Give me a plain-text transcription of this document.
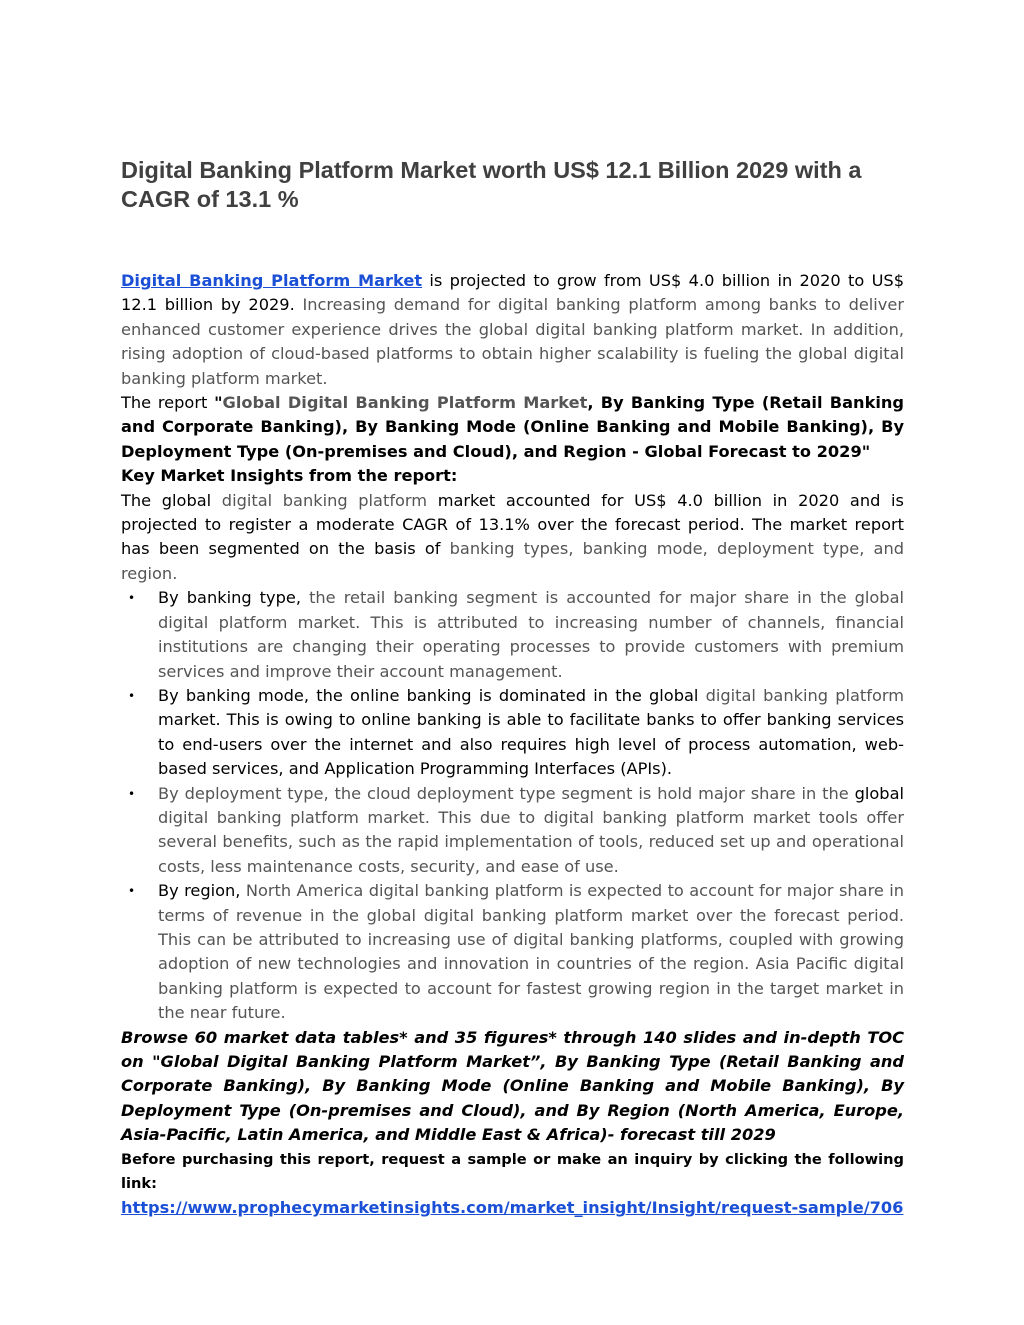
Digital Banking Platform Market worth US$ 12.1 Billion 2029 with a CAGR of 13.1 %

Digital Banking Platform Market is projected to grow from US$ 4.0 billion in 2020 to US$ 12.1 billion by 2029. Increasing demand for digital banking platform among banks to deliver enhanced customer experience drives the global digital banking platform market. In addition, rising adoption of cloud-based platforms to obtain higher scalability is fueling the global digital banking platform market.

The report "Global Digital Banking Platform Market, By Banking Type (Retail Banking and Corporate Banking), By Banking Mode (Online Banking and Mobile Banking), By Deployment Type (On-premises and Cloud), and Region - Global Forecast to 2029"

Key Market Insights from the report:

The global digital banking platform market accounted for US$ 4.0 billion in 2020 and is projected to register a moderate CAGR of 13.1% over the forecast period. The market report has been segmented on the basis of banking types, banking mode, deployment type, and region.

• By banking type, the retail banking segment is accounted for major share in the global digital platform market. This is attributed to increasing number of channels, financial institutions are changing their operating processes to provide customers with premium services and improve their account management.
• By banking mode, the online banking is dominated in the global digital banking platform market. This is owing to online banking is able to facilitate banks to offer banking services to end-users over the internet and also requires high level of process automation, web-based services, and Application Programming Interfaces (APIs).
• By deployment type, the cloud deployment type segment is hold major share in the global digital banking platform market. This due to digital banking platform market tools offer several benefits, such as the rapid implementation of tools, reduced set up and operational costs, less maintenance costs, security, and ease of use.
• By region, North America digital banking platform is expected to account for major share in terms of revenue in the global digital banking platform market over the forecast period. This can be attributed to increasing use of digital banking platforms, coupled with growing adoption of new technologies and innovation in countries of the region. Asia Pacific digital banking platform is expected to account for fastest growing region in the target market in the near future.

Browse 60 market data tables* and 35 figures* through 140 slides and in-depth TOC on "Global Digital Banking Platform Market”, By Banking Type (Retail Banking and Corporate Banking), By Banking Mode (Online Banking and Mobile Banking), By Deployment Type (On-premises and Cloud), and By Region (North America, Europe, Asia-Pacific, Latin America, and Middle East & Africa)- forecast till 2029

Before purchasing this report, request a sample or make an inquiry by clicking the following link:

https://www.prophecymarketinsights.com/market_insight/Insight/request-sample/706
